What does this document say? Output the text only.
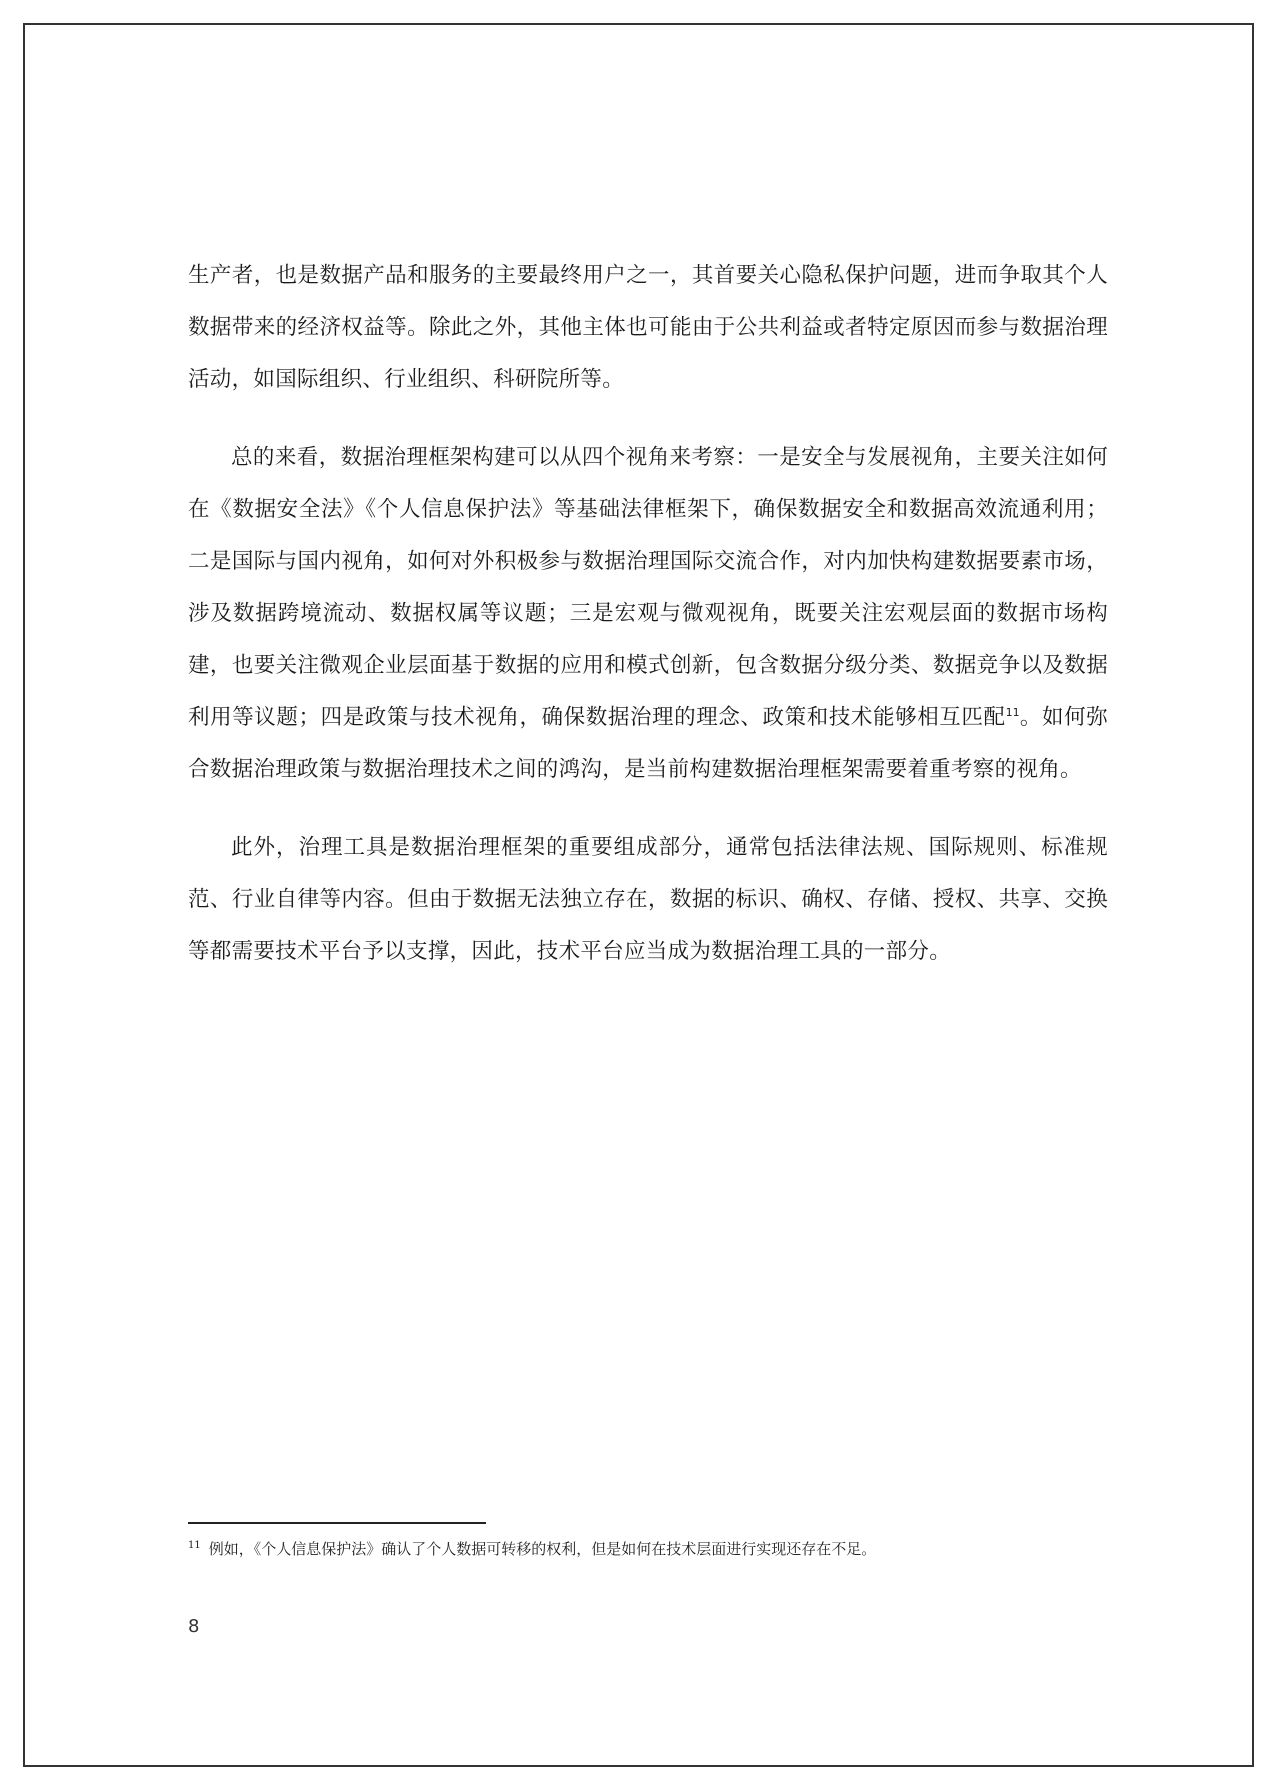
生产者，也是数据产品和服务的主要最终用户之一，其首要关心隐私保护问题，进而争取其个人数据带来的经济权益等。除此之外，其他主体也可能由于公共利益或者特定原因而参与数据治理活动，如国际组织、行业组织、科研院所等。

总的来看，数据治理框架构建可以从四个视角来考察：一是安全与发展视角，主要关注如何在《数据安全法》《个人信息保护法》等基础法律框架下，确保数据安全和数据高效流通利用；二是国际与国内视角，如何对外积极参与数据治理国际交流合作，对内加快构建数据要素市场，涉及数据跨境流动、数据权属等议题；三是宏观与微观视角，既要关注宏观层面的数据市场构建，也要关注微观企业层面基于数据的应用和模式创新，包含数据分级分类、数据竞争以及数据利用等议题；四是政策与技术视角，确保数据治理的理念、政策和技术能够相互匹配$^{11}$。如何弥合数据治理政策与数据治理技术之间的鸿沟，是当前构建数据治理框架需要着重考察的视角。

此外，治理工具是数据治理框架的重要组成部分，通常包括法律法规、国际规则、标准规范、行业自律等内容。但由于数据无法独立存在，数据的标识、确权、存储、授权、共享、交换等都需要技术平台予以支撑，因此，技术平台应当成为数据治理工具的一部分。

$^{11}$ 例如，《个人信息保护法》确认了个人数据可转移的权利，但是如何在技术层面进行实现还存在不足。
8
